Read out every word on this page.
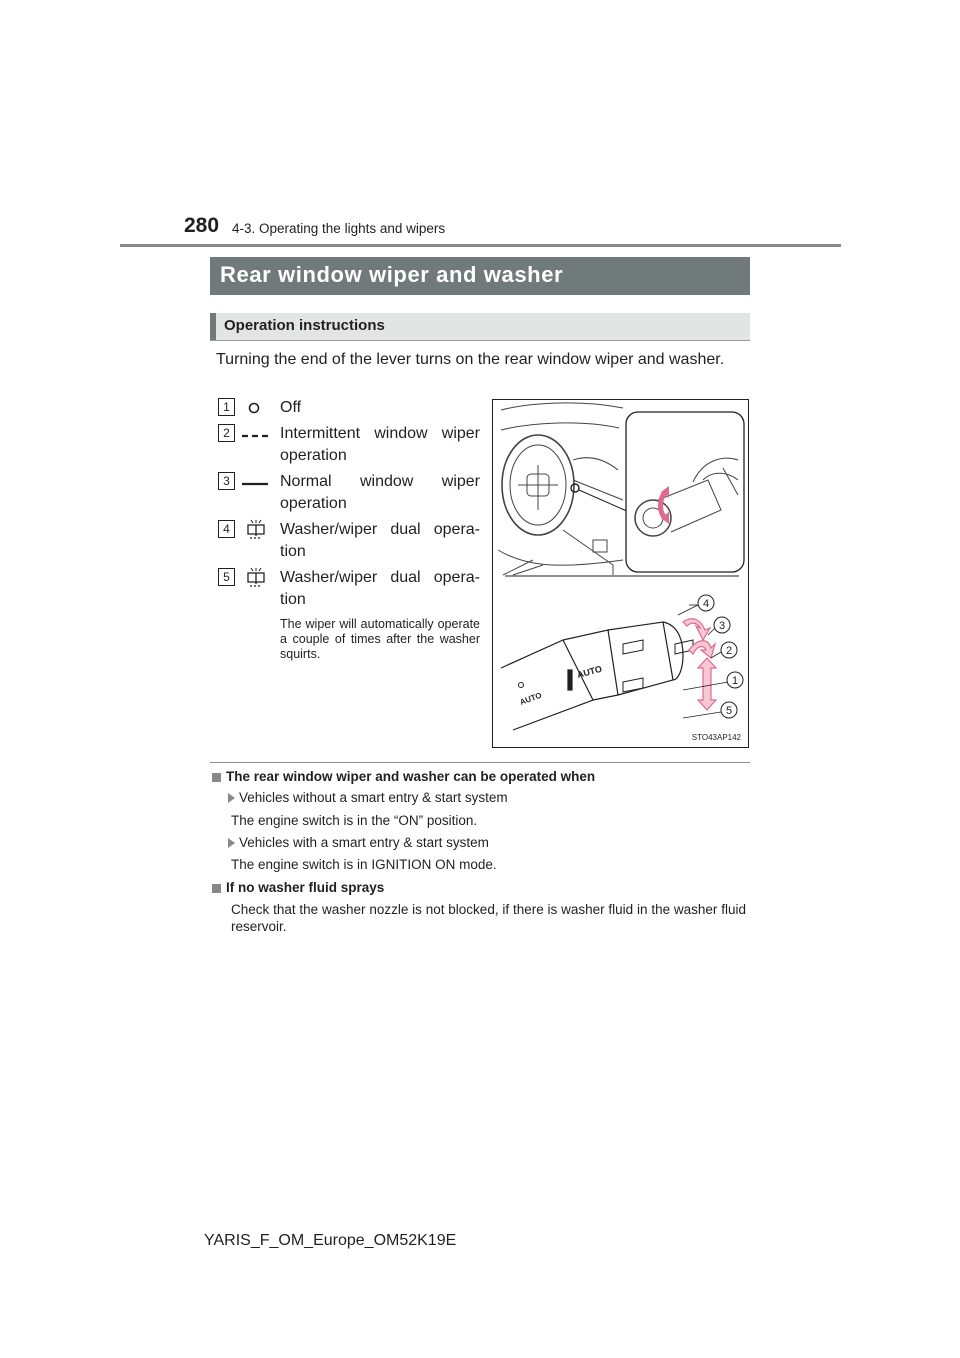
280 4-3. Operating the lights and wipers
Rear window wiper and washer
Operation instructions
Turning the end of the lever turns on the rear window wiper and washer.
1	Off
2	Intermittent window wiper operation
3	Normal window wiper operation
4	Washer/wiper dual opera-tion
5	Washer/wiper dual opera-tion
The wiper will automatically operate a couple of times after the washer squirts.
AUTO
AUTO
4
3
2
1
5
STO43AP142
The rear window wiper and washer can be operated when
Vehicles without a smart entry & start system
The engine switch is in the “ON” position.
Vehicles with a smart entry & start system
The engine switch is in IGNITION ON mode.
If no washer fluid sprays
Check that the washer nozzle is not blocked, if there is washer fluid in the washer fluid reservoir.
YARIS_F_OM_Europe_OM52K19E
